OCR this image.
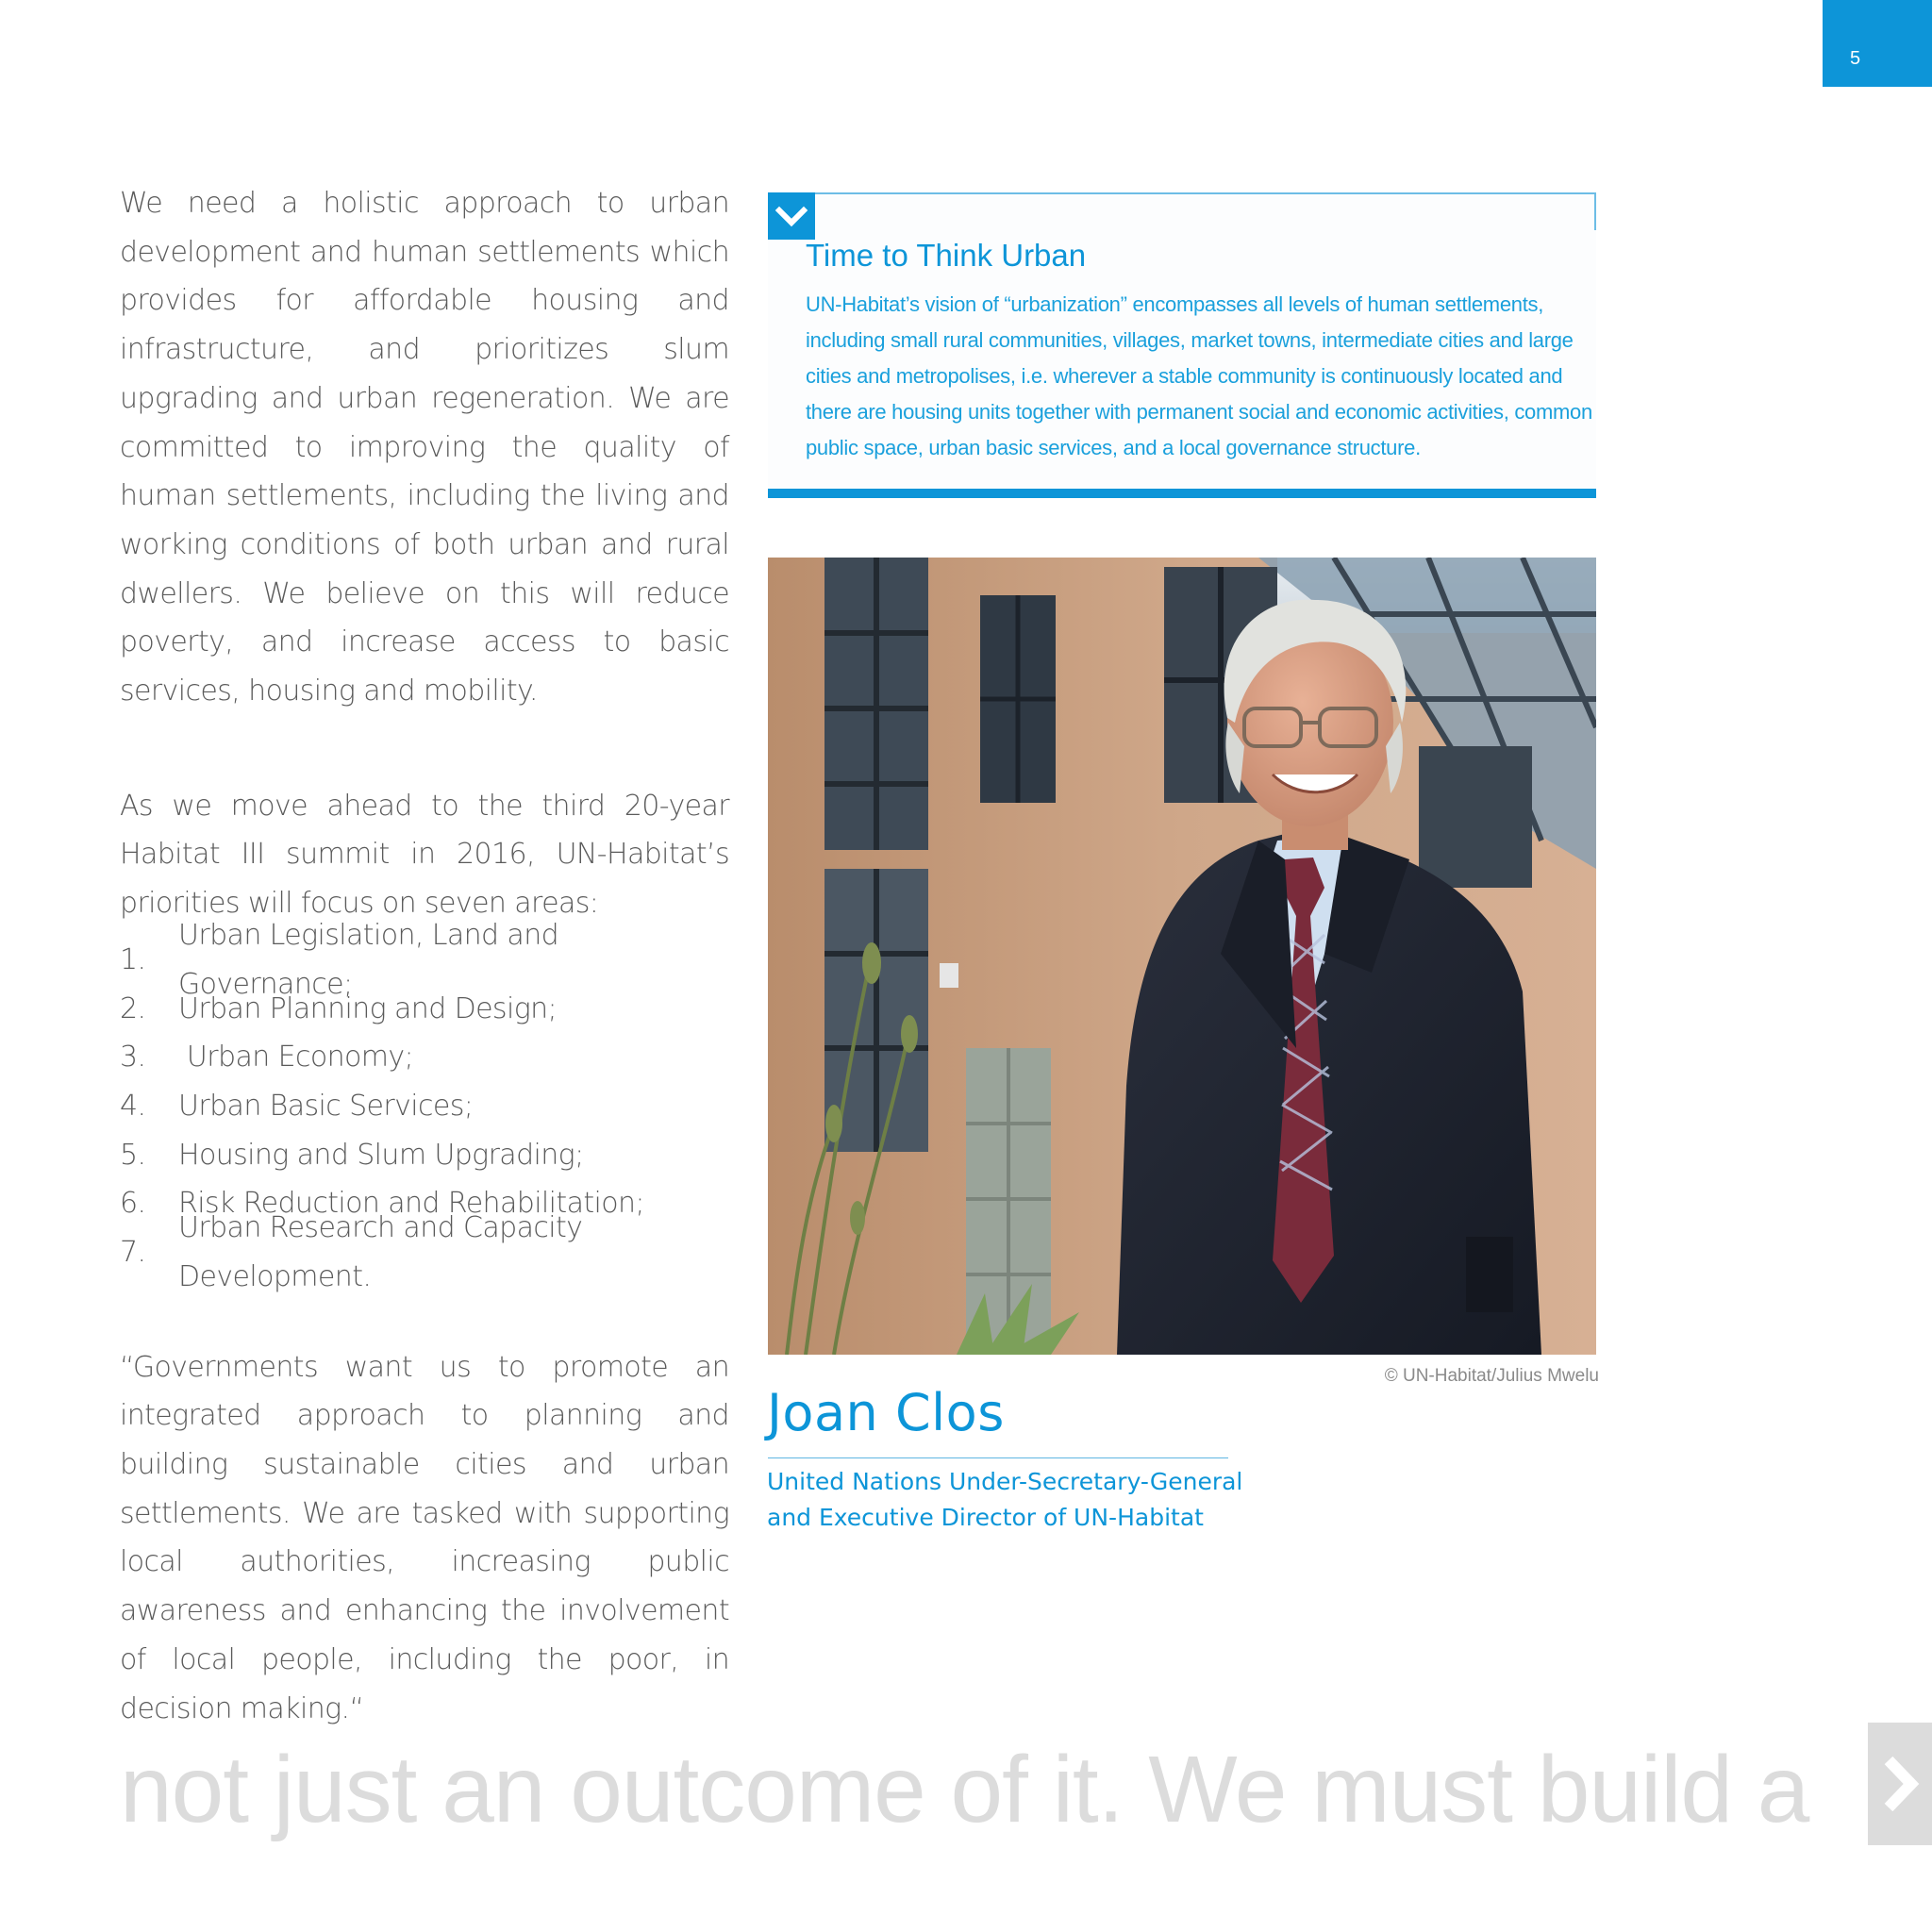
5

We need a holistic approach to urban development and human settlements which provides for affordable housing and infrastructure, and prioritizes slum upgrading and urban regeneration. We are committed to improving the quality of human settlements, including the living and working conditions of both urban and rural dwellers. We believe on this will reduce poverty, and increase access to basic services, housing and mobility.

As we move ahead to the third 20-year Habitat III summit in 2016, UN-Habitat’s priorities will focus on seven areas:

1.
Urban Legislation, Land and Governance;
2.	Urban Planning and Design;
3.	Urban Economy;
4.	Urban Basic Services;
5.	Housing and Slum Upgrading;
6.	Risk Reduction and Rehabilitation;
7.
Urban Research and Capacity Development.

“Governments want us to promote an integrated approach to planning and building sustainable cities and urban settlements. We are tasked with supporting local authorities, increasing public awareness and enhancing the involvement of local people, including the poor, in decision making.“

Time to Think Urban
UN-Habitat’s vision of “urbanization” encompasses all levels of human settlements, including small rural communities, villages, market towns, intermediate cities and large cities and metropolises, i.e. wherever a stable community is continuously located and there are housing units together with permanent social and economic activities, common public space, urban basic services, and a local governance structure.
© UN-Habitat/Julius Mwelu
Joan Clos
United Nations Under-Secretary-General
and Executive Director of UN-Habitat
not just an outcome of it. We must build a
